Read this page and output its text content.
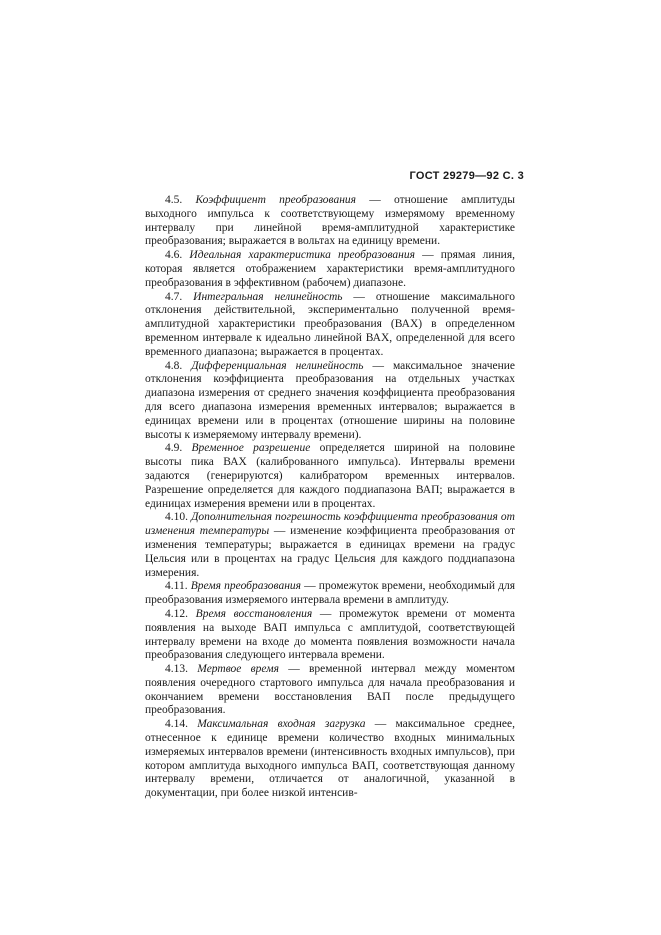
ГОСТ 29279—92 С. 3

4.5. Коэффициент преобразования — отношение амплитуды выходного импульса к соответствующему измерямому временному интервалу при линейной время-амплитудной характеристике преобразования; выражается в вольтах на единицу времени.

4.6. Идеальная характеристика преобразования — прямая линия, которая является отображением характеристики время-амплитудного преобразования в эффективном (рабочем) диапазоне.

4.7. Интегральная нелинейность — отношение максимального отклонения действительной, экспериментально полученной время-амплитудной характеристики преобразования (ВАХ) в определенном временном интервале к идеально линейной ВАХ, определенной для всего временного диапазона; выражается в процентах.

4.8. Дифференциальная нелинейность — максимальное значение отклонения коэффициента преобразования на отдельных участках диапазона измерения от среднего значения коэффициента преобразования для всего диапазона измерения временных интервалов; выражается в единицах времени или в процентах (отношение ширины на половине высоты к измеряемому интервалу времени).

4.9. Временное разрешение определяется шириной на половине высоты пика ВАХ (калиброванного импульса). Интервалы времени задаются (генерируются) калибратором временных интервалов. Разрешение определяется для каждого поддиапазона ВАП; выражается в единицах измерения времени или в процентах.

4.10. Дополнительная погрешность коэффициента преобразования от изменения температуры — изменение коэффициента преобразования от изменения температуры; выражается в единицах времени на градус Цельсия или в процентах на градус Цельсия для каждого поддиапазона измерения.

4.11. Время преобразования — промежуток времени, необходимый для преобразования измеряемого интервала времени в амплитуду.

4.12. Время восстановления — промежуток времени от момента появления на выходе ВАП импульса с амплитудой, соответствующей интервалу времени на входе до момента появления возможности начала преобразования следующего интервала времени.

4.13. Мертвое время — временной интервал между моментом появления очередного стартового импульса для начала преобразования и окончанием времени восстановления ВАП после предыдущего преобразования.

4.14. Максимальная входная загрузка — максимальное среднее, отнесенное к единице времени количество входных минимальных измеряемых интервалов времени (интенсивность входных импульсов), при котором амплитуда выходного импульса ВАП, соответствующая данному интервалу времени, отличается от аналогичной, указанной в документации, при более низкой интенсив-
